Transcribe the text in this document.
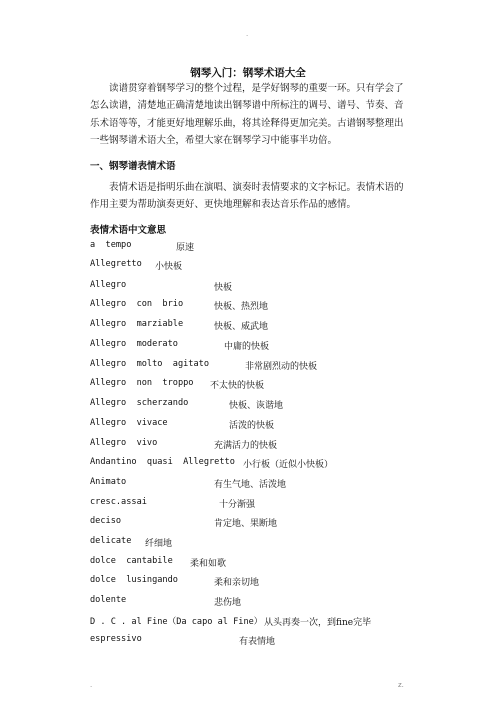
.
钢琴入门：钢琴术语大全

读谱贯穿着钢琴学习的整个过程，是学好钢琴的重要一环。只有学会了怎么读谱，清楚地正确清楚地读出钢琴谱中所标注的调号、谱号、节奏、音乐术语等等，才能更好地理解乐曲，将其诠释得更加完美。古谱钢琴整理出一些钢琴谱术语大全，希望大家在钢琴学习中能事半功倍。

一、钢琴谱表情术语

表情术语是指明乐曲在演唱、演奏时表情要求的文字标记。表情术语的作用主要为帮助演奏更好、更快地理解和表达音乐作品的感情。

表情术语中文意思
a  tempo	原速
Allegretto 小快板
Allegro	快板
Allegro  con  brio	快板、热烈地
Allegro  marziable	快板、威武地
Allegro  moderato	中庸的快板
Allegro  molto  agitato	非常剧烈动的快板
Allegro  non  troppo 不太快的快板
Allegro  scherzando	快板、诙谐地
Allegro  vivace	活泼的快板
Allegro  vivo	充满活力的快板
Andantino  quasi  Allegretto 小行板（近似小快板）
Animato	有生气地、活泼地
cresc.assai	十分渐强
deciso	肯定地、果断地
delicate 纤细地
dolce  cantabile 柔和如歌
dolce  lusingando	柔和亲切地
dolente	悲伤地
D . C . al Fine（Da capo al Fine） 从头再奏一次，到fine完毕
espressivo	有表情地
.	z.
